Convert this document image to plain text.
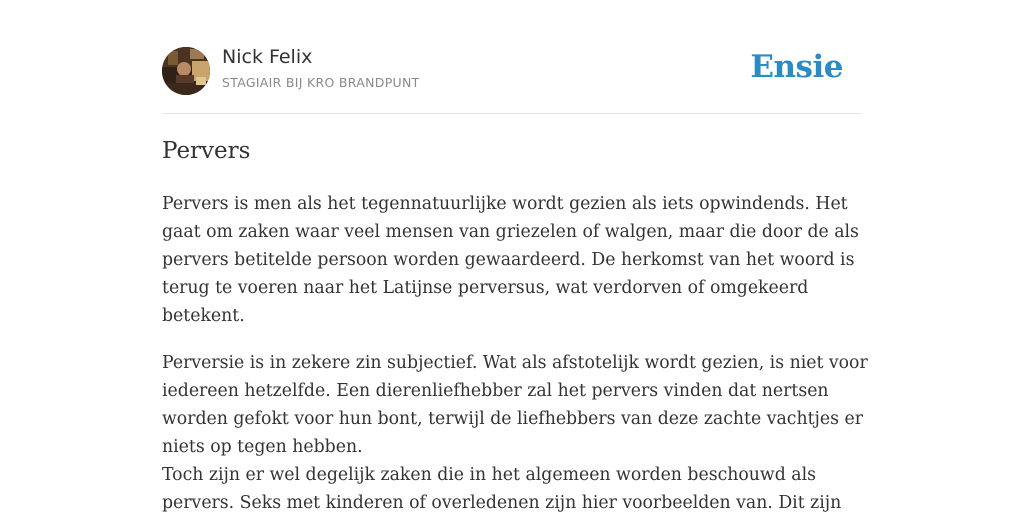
Nick Felix
STAGIAIR BIJ KRO BRANDPUNT	Ensie
Pervers

Pervers is men als het tegennatuurlijke wordt gezien als iets opwindends. Het

gaat om zaken waar veel mensen van griezelen of walgen, maar die door de als

pervers betitelde persoon worden gewaardeerd. De herkomst van het woord is

terug te voeren naar het Latijnse perversus, wat verdorven of omgekeerd

betekent.

Perversie is in zekere zin subjectief. Wat als afstotelijk wordt gezien, is niet voor

iedereen hetzelfde. Een dierenliefhebber zal het pervers vinden dat nertsen

worden gefokt voor hun bont, terwijl de liefhebbers van deze zachte vachtjes er

niets op tegen hebben.

Toch zijn er wel degelijk zaken die in het algemeen worden beschouwd als

pervers. Seks met kinderen of overledenen zijn hier voorbeelden van. Dit zijn
